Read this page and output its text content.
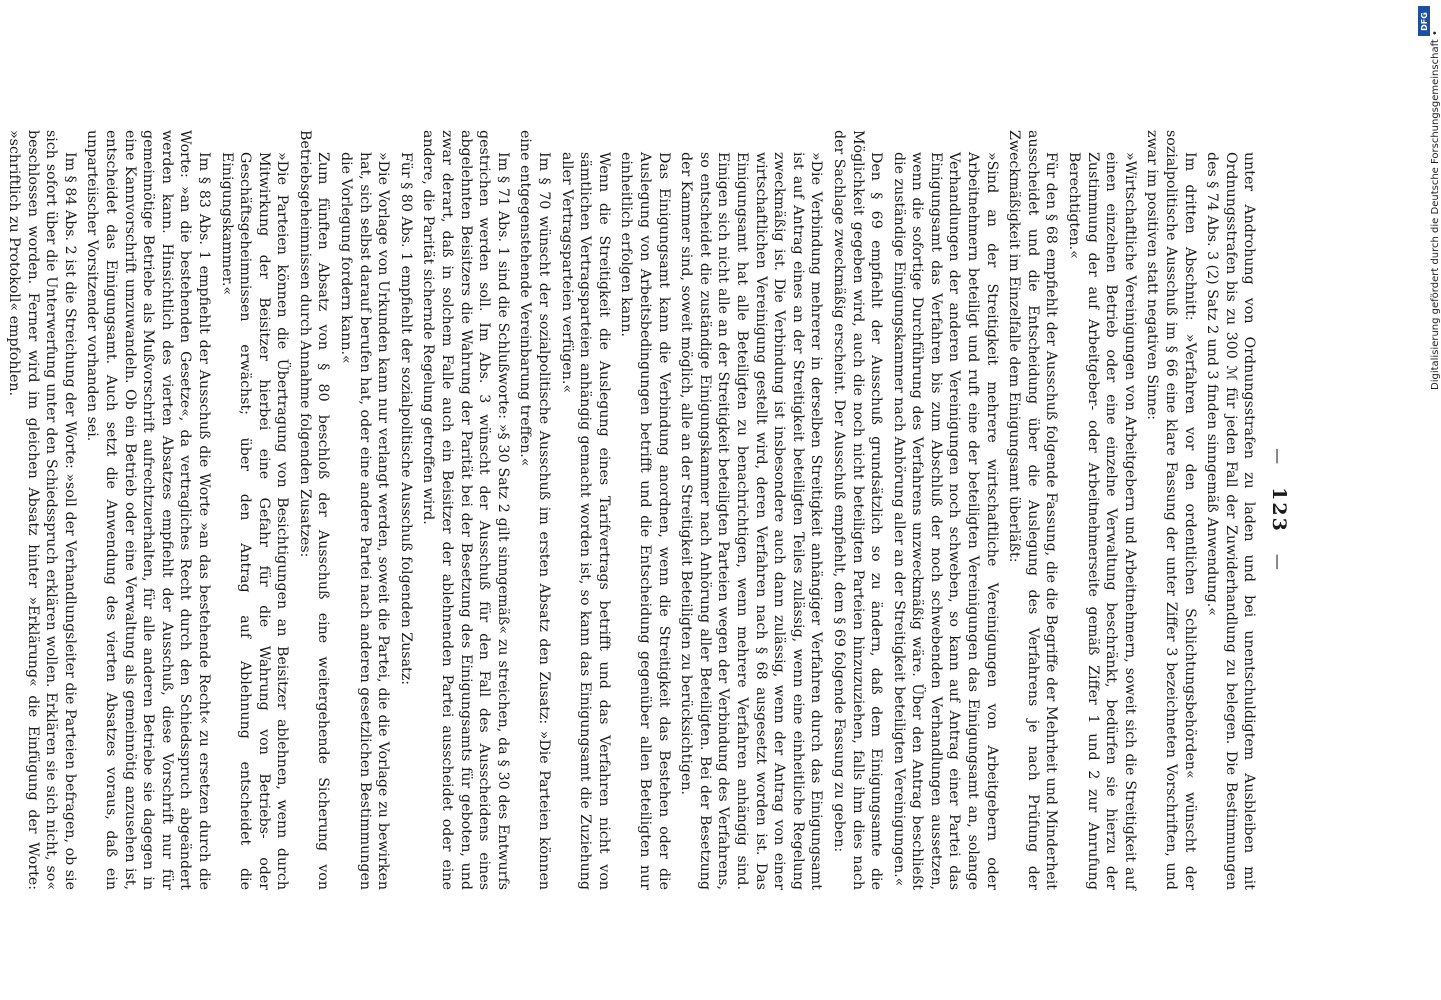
— 123 —

unter Androhung von Ordnungsstrafen zu laden und bei unentschuldigtem Ausbleiben mit Ordnungsstrafen bis zu 300 ℳ für jeden Fall der Zuwiderhandlung zu belegen. Die Bestimmungen des § 74 Abs. 3 (2) Satz 2 und 3 finden sinngemäß Anwendung.«

Im dritten Abschnitt: »Verfahren vor den ordentlichen Schlichtungsbehörden« wünscht der sozialpolitische Ausschuß im § 66 eine klare Fassung der unter Ziffer 3 bezeichneten Vorschriften, und zwar im positiven statt negativen Sinne:

»Wirtschaftliche Vereinigungen von Arbeitgebern und Arbeitnehmern, soweit sich die Streitigkeit auf einen einzelnen Betrieb oder eine einzelne Verwaltung beschränkt, bedürfen sie hierzu der Zustimmung der auf Arbeitgeber- oder Arbeitnehmerseite gemäß Ziffer 1 und 2 zur Anrufung Berechtigten.«

Für den § 68 empfiehlt der Ausschuß folgende Fassung, die die Begriffe der Mehrheit und Minderheit ausscheidet und die Entscheidung über die Auslegung des Verfahrens je nach Prüfung der Zweckmäßigkeit im Einzelfalle dem Einigungsamt überläßt:

»Sind an der Streitigkeit mehrere wirtschaftliche Vereinigungen von Arbeitgebern oder Arbeitnehmern beteiligt und ruft eine der beteiligten Vereinigungen das Einigungsamt an, solange Verhandlungen der anderen Vereinigungen noch schweben, so kann auf Antrag einer Partei das Einigungsamt das Verfahren bis zum Abschluß der noch schwebenden Verhandlungen aussetzen, wenn die sofortige Durchführung des Verfahrens unzweckmäßig wäre. Über den Antrag beschließt die zuständige Einigungskammer nach Anhörung aller an der Streitigkeit beteiligten Vereinigungen.«

Den § 69 empfiehlt der Ausschuß grundsätzlich so zu ändern, daß dem Einigungsamte die Möglichkeit gegeben wird, auch die noch nicht beteiligten Parteien hinzuzuziehen, falls ihm dies nach der Sachlage zweckmäßig erscheint. Der Ausschuß empfiehlt, dem § 69 folgende Fassung zu geben:

»Die Verbindung mehrerer in derselben Streitigkeit anhängiger Verfahren durch das Einigungsamt ist auf Antrag eines an der Streitigkeit beteiligten Teiles zulässig, wenn eine einheitliche Regelung zweckmäßig ist. Die Verbindung ist insbesondere auch dann zulässig, wenn der Antrag von einer wirtschaftlichen Vereinigung gestellt wird, deren Verfahren nach § 68 ausgesetzt worden ist. Das Einigungsamt hat alle Beteiligten zu benachrichtigen, wenn mehrere Verfahren anhängig sind. Einigen sich nicht alle an der Streitigkeit beteiligten Parteien wegen der Verbindung des Verfahrens, so entscheidet die zuständige Einigungskammer nach Anhörung aller Beteiligten. Bei der Besetzung der Kammer sind, soweit möglich, alle an der Streitigkeit Beteiligten zu berücksichtigen.

Das Einigungsamt kann die Verbindung anordnen, wenn die Streitigkeit das Bestehen oder die Auslegung von Arbeitsbedingungen betrifft und die Entscheidung gegenüber allen Beteiligten nur einheitlich erfolgen kann.

Wenn die Streitigkeit die Auslegung eines Tarifvertrags betrifft und das Verfahren nicht von sämtlichen Vertragsparteien anhängig gemacht worden ist, so kann das Einigungsamt die Zuziehung aller Vertragsparteien verfügen.«

Im § 70 wünscht der sozialpolitische Ausschuß im ersten Absatz den Zusatz: »Die Parteien können eine entgegenstehende Vereinbarung treffen.«

Im § 71 Abs. 1 sind die Schlußworte: »§ 30 Satz 2 gilt sinngemäß« zu streichen, da § 30 des Entwurfs gestrichen werden soll. Im Abs. 3 wünscht der Ausschuß für den Fall des Ausscheidens eines abgelehnten Beisitzers die Wahrung der Parität bei der Besetzung des Einigungsamts für geboten, und zwar derart, daß in solchem Falle auch ein Beisitzer der ablehnenden Partei ausscheidet oder eine andere, die Parität sichernde Regelung getroffen wird.

Für § 80 Abs. 1 empfiehlt der sozialpolitische Ausschuß folgenden Zusatz:

»Die Vorlage von Urkunden kann nur verlangt werden, soweit die Partei, die die Vorlage zu bewirken hat, sich selbst darauf berufen hat, oder eine andere Partei nach anderen gesetzlichen Bestimmungen die Vorlegung fordern kann.«

Zum fünften Absatz von § 80 beschloß der Ausschuß eine weitergehende Sicherung von Betriebsgeheimnissen durch Annahme folgenden Zusatzes:

»Die Parteien können die Übertragung von Besichtigungen an Beisitzer ablehnen, wenn durch Mitwirkung der Beisitzer hierbei eine Gefahr für die Wahrung von Betriebs- oder Geschäftsgeheimnissen erwächst; über den Antrag auf Ablehnung entscheidet die Einigungskammer.«

Im § 83 Abs. 1 empfiehlt der Ausschuß die Worte »an das bestehende Recht« zu ersetzen durch die Worte: »an die bestehenden Gesetze«, da vertragliches Recht durch den Schiedsspruch abgeändert werden kann. Hinsichtlich des vierten Absatzes empfiehlt der Ausschuß, diese Vorschrift nur für gemeinnötige Betriebe als Mußvorschrift aufrechtzuerhalten, für alle anderen Betriebe sie dagegen in eine Kannvorschrift umzuwandeln. Ob ein Betrieb oder eine Verwaltung als gemeinnötig anzusehen ist, entscheidet das Einigungsamt. Auch setzt die Anwendung des vierten Absatzes voraus, daß ein unparteiischer Vorsitzender vorhanden sei.

Im § 84 Abs. 2 ist die Streichung der Worte: »soll der Verhandlungsleiter die Parteien befragen, ob sie sich sofort über die Unterwerfung unter den Schiedsspruch erklären wollen. Erklären sie sich nicht, so« beschlossen worden. Ferner wird im gleichen Absatz hinter »Erklärung« die Einfügung der Worte: »schriftlich zu Protokoll« empfohlen.

DFG
Digitalisierung gefördert durch die Deutsche Forschungsgemeinschaft •
